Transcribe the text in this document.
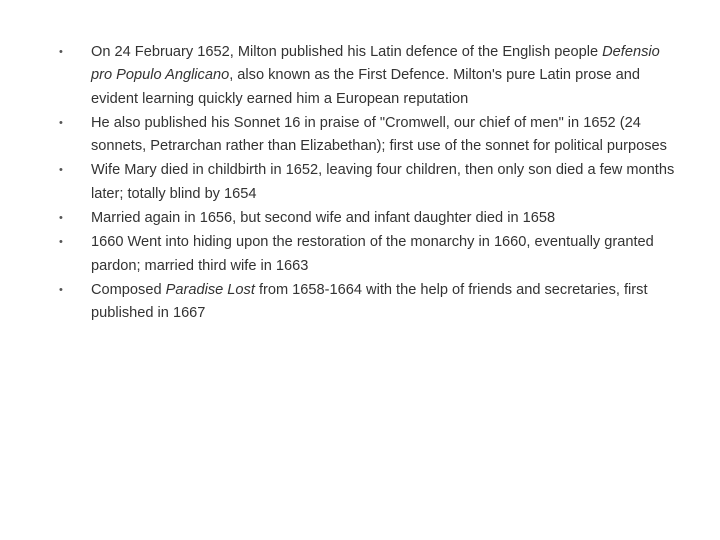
• On 24 February 1652, Milton published his Latin defence of the English people Defensio pro Populo Anglicano, also known as the First Defence. Milton's pure Latin prose and evident learning quickly earned him a European reputation
• He also published his Sonnet 16 in praise of "Cromwell, our chief of men" in 1652 (24 sonnets, Petrarchan rather than Elizabethan); first use of the sonnet for political purposes
• Wife Mary died in childbirth in 1652, leaving four children, then only son died a few months later; totally blind by 1654
• Married again in 1656, but second wife and infant daughter died in 1658
• 1660 Went into hiding upon the restoration of the monarchy in 1660, eventually granted pardon; married third wife in 1663
• Composed Paradise Lost from 1658-1664 with the help of friends and secretaries, first published in 1667
